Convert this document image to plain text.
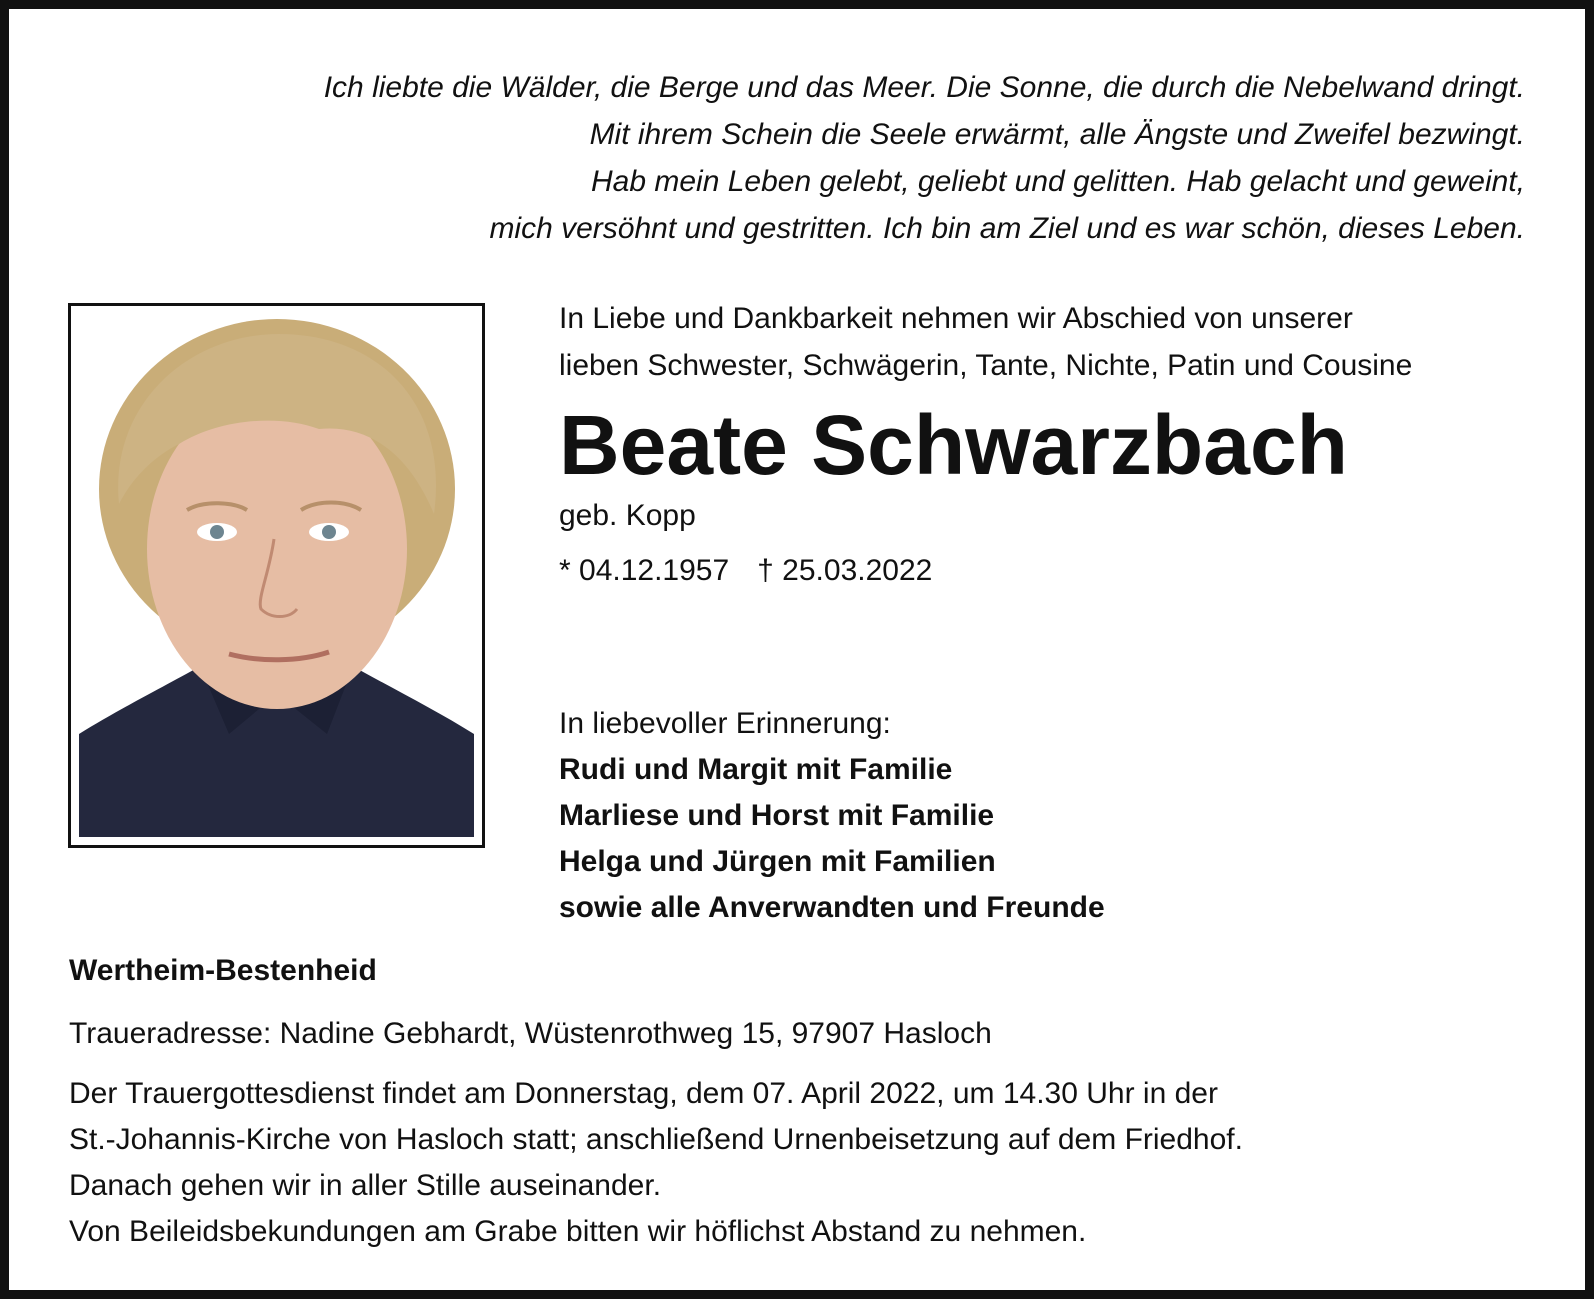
Ich liebte die Wälder, die Berge und das Meer. Die Sonne, die durch die Nebelwand dringt.
Mit ihrem Schein die Seele erwärmt, alle Ängste und Zweifel bezwingt.
Hab mein Leben gelebt, geliebt und gelitten. Hab gelacht und geweint,
mich versöhnt und gestritten. Ich bin am Ziel und es war schön, dieses Leben.
In Liebe und Dankbarkeit nehmen wir Abschied von unserer
lieben Schwester, Schwägerin, Tante, Nichte, Patin und Cousine
Beate Schwarzbach
geb. Kopp
* 04.12.1957 † 25.03.2022
In liebevoller Erinnerung:
Rudi und Margit mit Familie
Marliese und Horst mit Familie
Helga und Jürgen mit Familien
sowie alle Anverwandten und Freunde
Wertheim-Bestenheid
Traueradresse: Nadine Gebhardt, Wüstenrothweg 15, 97907 Hasloch
Der Trauergottesdienst findet am Donnerstag, dem 07. April 2022, um 14.30 Uhr in der
St.-Johannis-Kirche von Hasloch statt; anschließend Urnenbeisetzung auf dem Friedhof.
Danach gehen wir in aller Stille auseinander.
Von Beileidsbekundungen am Grabe bitten wir höflichst Abstand zu nehmen.
